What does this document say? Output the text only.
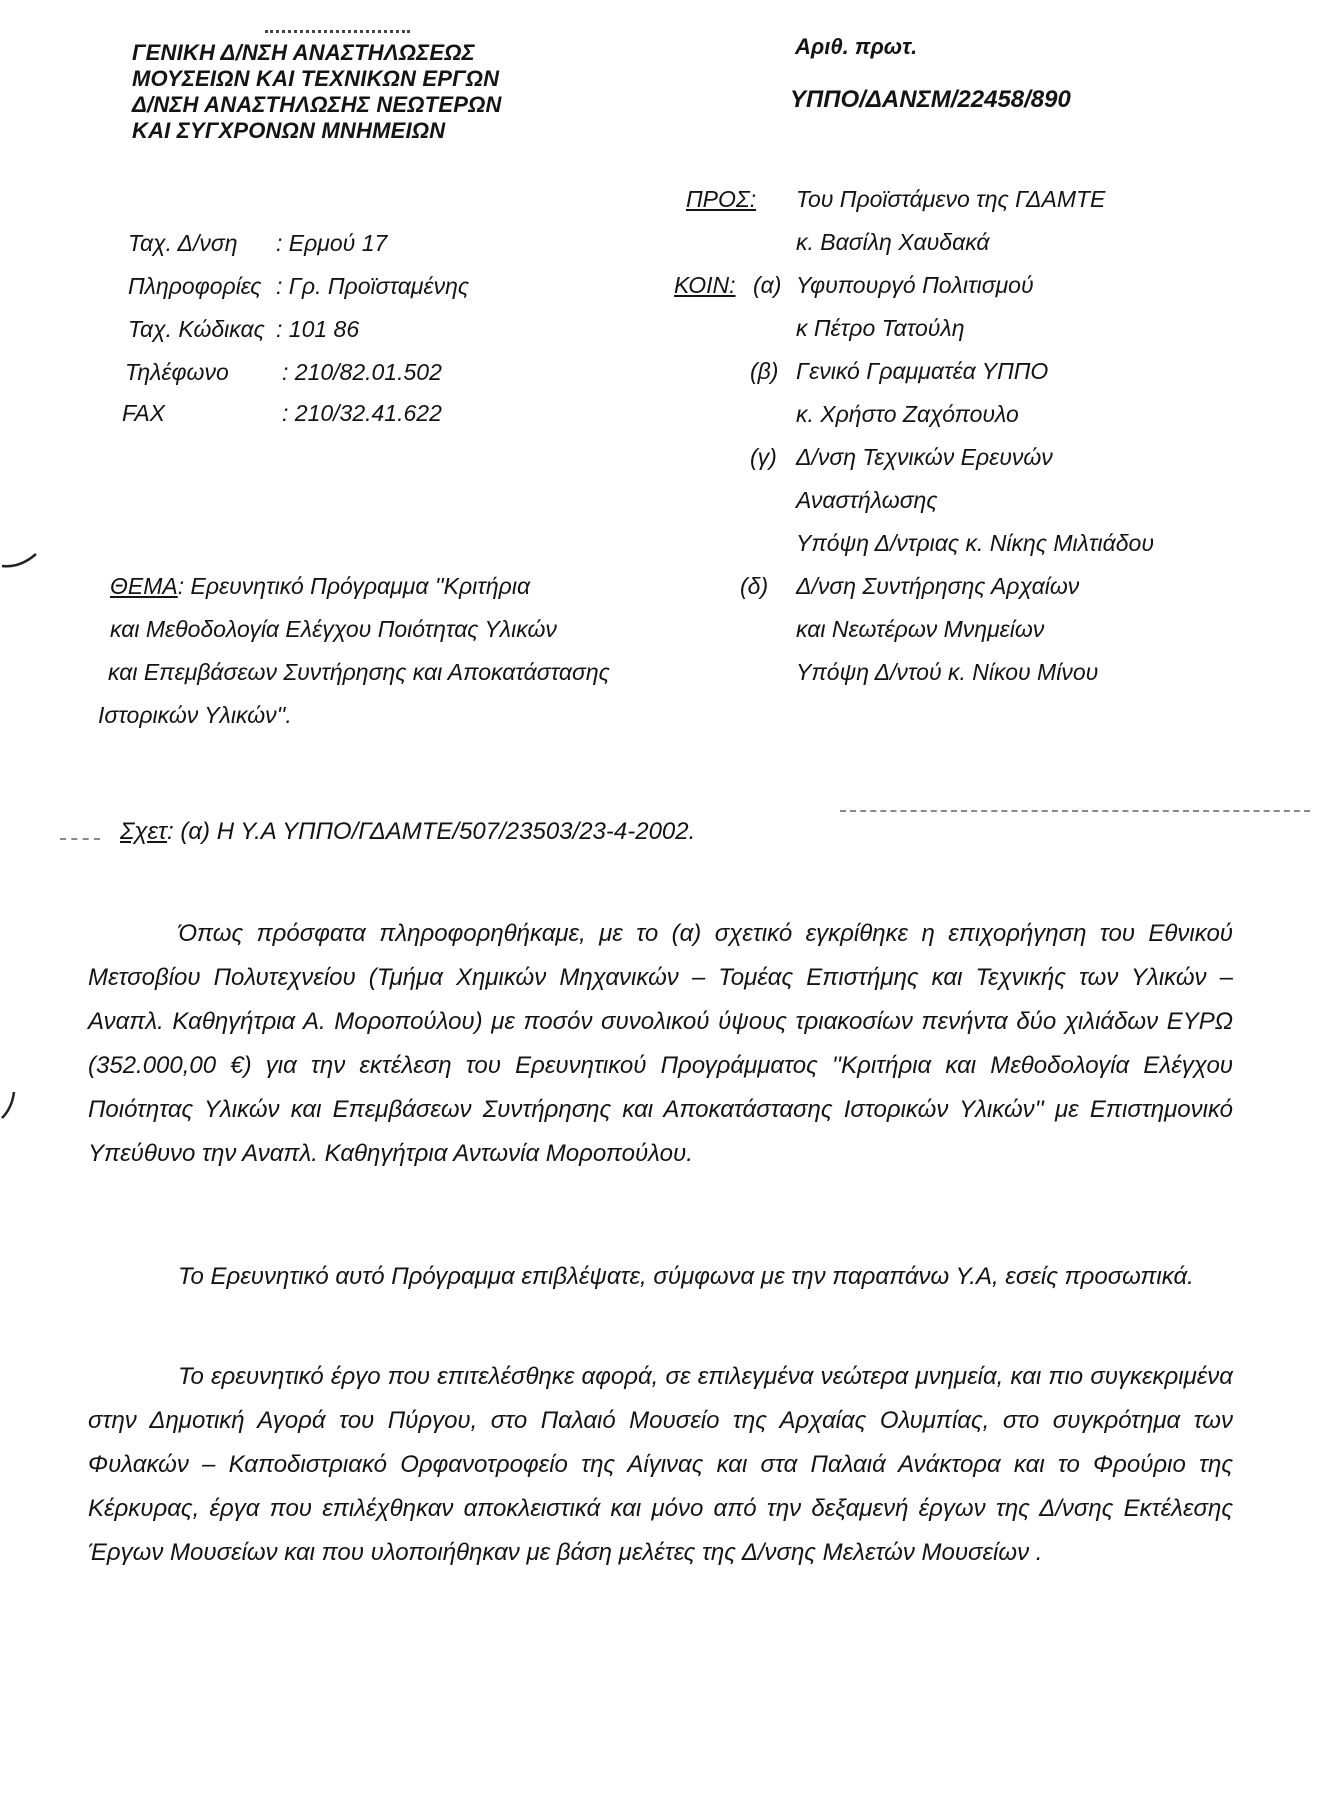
ΓΕΝΙΚΗ Δ/ΝΣΗ ΑΝΑΣΤΗΛΩΣΕΩΣ
ΜΟΥΣΕΙΩΝ ΚΑΙ ΤΕΧΝΙΚΩΝ ΕΡΓΩΝ
Δ/ΝΣΗ ΑΝΑΣΤΗΛΩΣΗΣ ΝΕΩΤΕΡΩΝ
ΚΑΙ ΣΥΓΧΡΟΝΩΝ ΜΝΗΜΕΙΩΝ
Αριθ. πρωτ.
ΥΠΠΟ/ΔΑΝΣΜ/22458/890
Ταχ. Δ/νση : Ερμού 17
Πληροφορίες : Γρ. Προϊσταμένης
Ταχ. Κώδικας : 101 86
Τηλέφωνο : 210/82.01.502
FAX	: 210/32.41.622
ΠΡΟΣ: Του Προϊστάμενο της ΓΔΑΜΤΕ
κ. Βασίλη Χαυδακά
ΚΟΙΝ: (α) Υφυπουργό Πολιτισμού
κ Πέτρο Τατούλη
(β) Γενικό Γραμματέα ΥΠΠΟ
κ. Χρήστο Ζαχόπουλο
(γ) Δ/νση Τεχνικών Ερευνών
Αναστήλωσης
Υπόψη Δ/ντριας κ. Νίκης Μιλτιάδου
(δ) Δ/νση Συντήρησης Αρχαίων
και Νεωτέρων Μνημείων
Υπόψη Δ/ντού κ. Νίκου Μίνου
ΘΕΜΑ: Ερευνητικό Πρόγραμμα ''Κριτήρια
και Μεθοδολογία Ελέγχου Ποιότητας Υλικών
και Επεμβάσεων Συντήρησης και Αποκατάστασης
Ιστορικών Υλικών''.
Σχετ: (α) Η Υ.Α ΥΠΠΟ/ΓΔΑΜΤΕ/507/23503/23-4-2002.
Όπως πρόσφατα πληροφορηθήκαμε, με το (α) σχετικό εγκρίθηκε η επιχορήγηση του Εθνικού Μετσοβίου Πολυτεχνείου (Τμήμα Χημικών Μηχανικών – Τομέας Επιστήμης και Τεχνικής των Υλικών – Αναπλ. Καθηγήτρια Α. Μοροπούλου) με ποσόν συνολικού ύψους τριακοσίων πενήντα δύο χιλιάδων ΕΥΡΩ (352.000,00 €) για την εκτέλεση του Ερευνητικού Προγράμματος ''Κριτήρια και Μεθοδολογία Ελέγχου Ποιότητας Υλικών και Επεμβάσεων Συντήρησης και Αποκατάστασης Ιστορικών Υλικών'' με Επιστημονικό Υπεύθυνο την Αναπλ. Καθηγήτρια Αντωνία Μοροπούλου.
Το Ερευνητικό αυτό Πρόγραμμα επιβλέψατε, σύμφωνα με την παραπάνω Υ.Α, εσείς προσωπικά.
Το ερευνητικό έργο που επιτελέσθηκε αφορά, σε επιλεγμένα νεώτερα μνημεία, και πιο συγκεκριμένα στην Δημοτική Αγορά του Πύργου, στο Παλαιό Μουσείο της Αρχαίας Ολυμπίας, στο συγκρότημα των Φυλακών – Καποδιστριακό Ορφανοτροφείο της Αίγινας και στα Παλαιά Ανάκτορα και το Φρούριο της Κέρκυρας, έργα που επιλέχθηκαν αποκλειστικά και μόνο από την δεξαμενή έργων της Δ/νσης Εκτέλεσης Έργων Μουσείων και που υλοποιήθηκαν με βάση μελέτες της Δ/νσης Μελετών Μουσείων .
